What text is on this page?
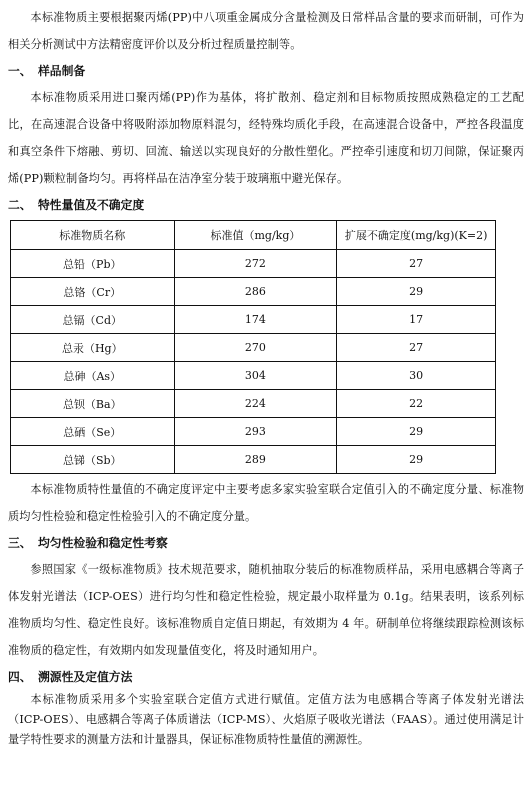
本标准物质主要根据聚丙烯(PP)中八项重金属成分含量检测及日常样品含量的要求而研制，可作为相关分析测试中方法精密度评价以及分析过程质量控制等。

一、 样品制备

本标准物质采用进口聚丙烯(PP)作为基体，将扩散剂、稳定剂和目标物质按照成熟稳定的工艺配比，在高速混合设备中将吸附添加物原料混匀，经特殊均质化手段，在高速混合设备中，严控各段温度和真空条件下熔融、剪切、回流、输送以实现良好的分散性塑化。严控牵引速度和切刀间隙，保证聚丙烯(PP)颗粒制备均匀。再将样品在洁净室分装于玻璃瓶中避光保存。

二、 特性量值及不确定度
标准物质名称	标准值（mg/kg）	扩展不确定度(mg/kg)(K=2)
总铅（Pb）	272	27
总铬（Cr）	286	29
总镉（Cd）	174	17
总汞（Hg）	270	27
总砷（As）	304	30
总钡（Ba）	224	22
总硒（Se）	293	29
总锑（Sb）	289	29

本标准物质特性量值的不确定度评定中主要考虑多家实验室联合定值引入的不确定度分量、标准物质均匀性检验和稳定性检验引入的不确定度分量。

三、 均匀性检验和稳定性考察

参照国家《一级标准物质》技术规范要求，随机抽取分装后的标准物质样品，采用电感耦合等离子体发射光谱法（ICP-OES）进行均匀性和稳定性检验，规定最小取样量为 0.1g。结果表明，该系列标准物质均匀性、稳定性良好。该标准物质自定值日期起，有效期为 4 年。研制单位将继续跟踪检测该标准物质的稳定性，有效期内如发现量值变化，将及时通知用户。

四、 溯源性及定值方法

本标准物质采用多个实验室联合定值方式进行赋值。定值方法为电感耦合等离子体发射光谱法（ICP-OES）、电感耦合等离子体质谱法（ICP-MS）、火焰原子吸收光谱法（FAAS）。通过使用满足计量学特性要求的测量方法和计量器具，保证标准物质特性量值的溯源性。
